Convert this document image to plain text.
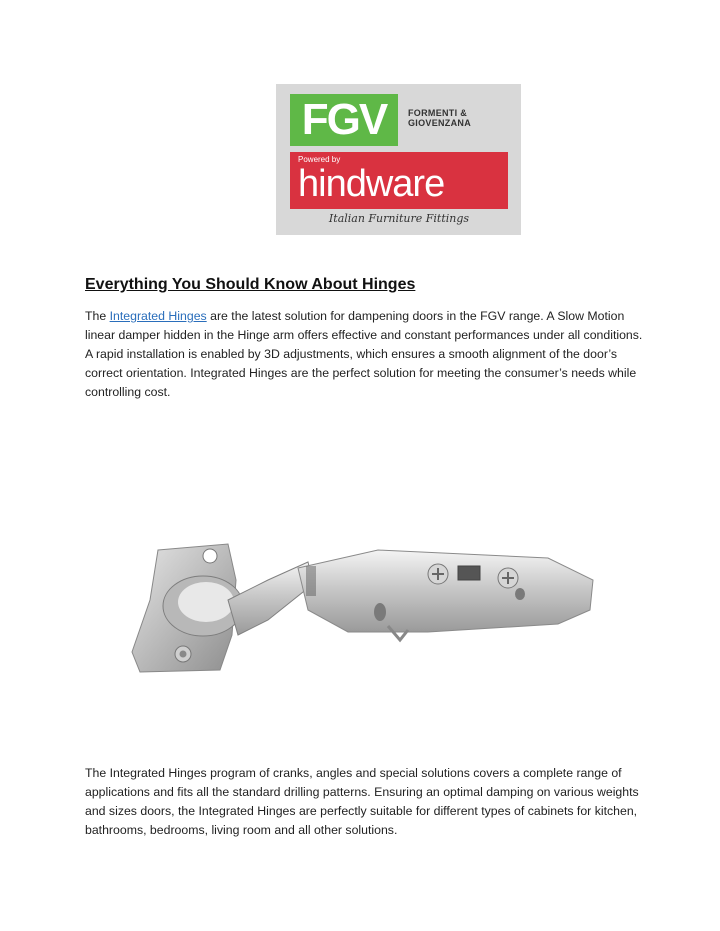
FGV	FORMENTI &
GIOVENZANA
Powered by
hindware
Italian Furniture Fittings
Everything You Should Know About Hinges

The Integrated Hinges are the latest solution for dampening doors in the FGV range. A Slow Motion linear damper hidden in the Hinge arm offers effective and constant performances under all conditions. A rapid installation is enabled by 3D adjustments, which ensures a smooth alignment of the door’s correct orientation. Integrated Hinges are the perfect solution for meeting the consumer’s needs while controlling cost.

The Integrated Hinges program of cranks, angles and special solutions covers a complete range of applications and fits all the standard drilling patterns. Ensuring an optimal damping on various weights and sizes doors, the Integrated Hinges are perfectly suitable for different types of cabinets for kitchen, bathrooms, bedrooms, living room and all other solutions.
